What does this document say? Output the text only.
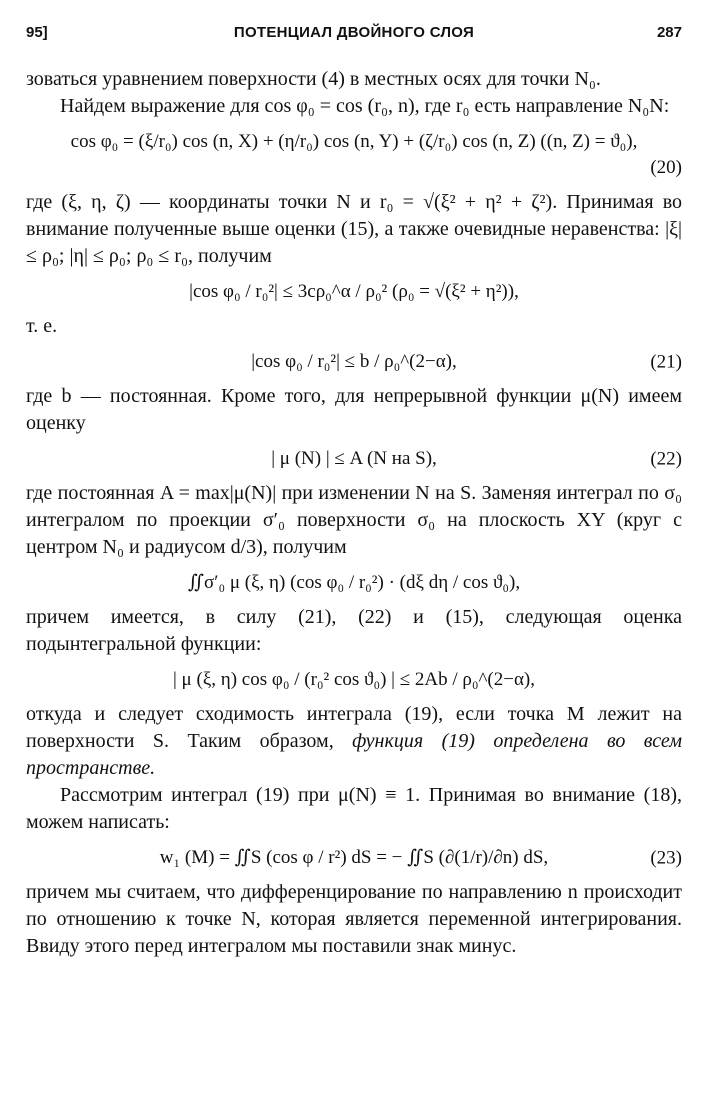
95]	ПОТЕНЦИАЛ ДВОЙНОГО СЛОЯ	287

зоваться уравнением поверхности (4) в местных осях для точки N₀.

Найдем выражение для cos φ₀ = cos (r₀, n), где r₀ есть направление N₀N:

cos φ₀ = (ξ/r₀) cos (n, X) + (η/r₀) cos (n, Y) + (ζ/r₀) cos (n, Z) ((n, Z) = ϑ₀),
(20)

где (ξ, η, ζ) — координаты точки N и r₀ = √(ξ² + η² + ζ²). Принимая во внимание полученные выше оценки (15), а также очевидные неравенства: |ξ| ≤ ρ₀; |η| ≤ ρ₀; ρ₀ ≤ r₀, получим

|cos φ₀ / r₀²| ≤ 3cρ₀^α / ρ₀² (ρ₀ = √(ξ² + η²)),

т. е.

|cos φ₀ / r₀²| ≤ b / ρ₀^(2−α),	(21)

где b — постоянная. Кроме того, для непрерывной функции μ(N) имеем оценку

| μ (N) | ≤ A (N на S),	(22)

где постоянная A = max|μ(N)| при изменении N на S. Заменяя интеграл по σ₀ интегралом по проекции σ′₀ поверхности σ₀ на плоскость XY (круг с центром N₀ и радиусом d/3), получим

∬σ′₀ μ (ξ, η) (cos φ₀ / r₀²) · (dξ dη / cos ϑ₀),

причем имеется, в силу (21), (22) и (15), следующая оценка подынтегральной функции:

| μ (ξ, η) cos φ₀ / (r₀² cos ϑ₀) | ≤ 2Ab / ρ₀^(2−α),

откуда и следует сходимость интеграла (19), если точка M лежит на поверхности S. Таким образом, функция (19) определена во всем пространстве.

Рассмотрим интеграл (19) при μ(N) ≡ 1. Принимая во внимание (18), можем написать:

w₁ (M) = ∬S (cos φ / r²) dS = − ∬S (∂(1/r)/∂n) dS,	(23)

причем мы считаем, что дифференцирование по направлению n происходит по отношению к точке N, которая является переменной интегрирования. Ввиду этого перед интегралом мы поставили знак минус.
